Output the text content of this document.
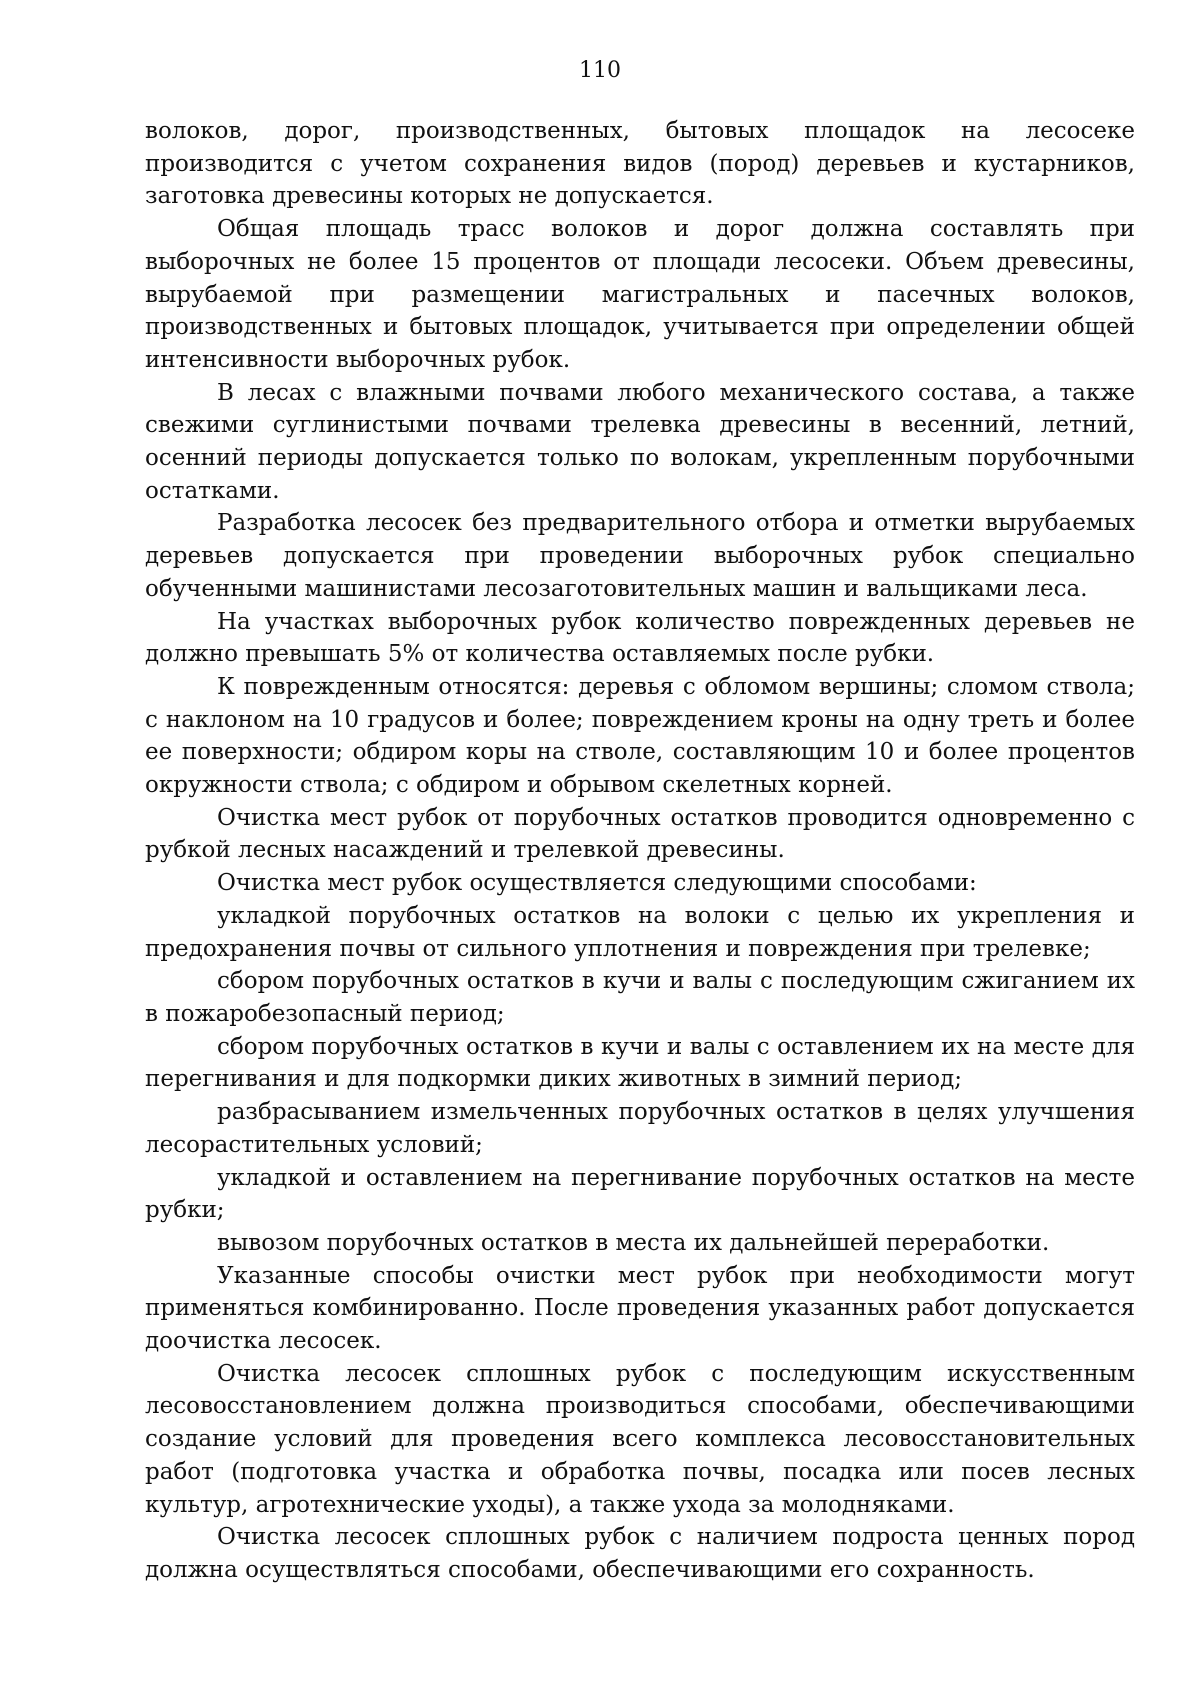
110

волоков, дорог, производственных, бытовых площадок на лесосеке производится с учетом сохранения видов (пород) деревьев и кустарников, заготовка древесины которых не допускается.

Общая площадь трасс волоков и дорог должна составлять при выборочных не более 15 процентов от площади лесосеки. Объем древесины, вырубаемой при размещении магистральных и пасечных волоков, производственных и бытовых площадок, учитывается при определении общей интенсивности выборочных рубок.

В лесах с влажными почвами любого механического состава, а также свежими суглинистыми почвами трелевка древесины в весенний, летний, осенний периоды допускается только по волокам, укрепленным порубочными остатками.

Разработка лесосек без предварительного отбора и отметки вырубаемых деревьев допускается при проведении выборочных рубок специально обученными машинистами лесозаготовительных машин и вальщиками леса.

На участках выборочных рубок количество поврежденных деревьев не должно превышать 5% от количества оставляемых после рубки.

К поврежденным относятся: деревья с обломом вершины; сломом ствола; с наклоном на 10 градусов и более; повреждением кроны на одну треть и более ее поверхности; обдиром коры на стволе, составляющим 10 и более процентов окружности ствола; с обдиром и обрывом скелетных корней.

Очистка мест рубок от порубочных остатков проводится одновременно с рубкой лесных насаждений и трелевкой древесины.

Очистка мест рубок осуществляется следующими способами:

укладкой порубочных остатков на волоки с целью их укрепления и предохранения почвы от сильного уплотнения и повреждения при трелевке;

сбором порубочных остатков в кучи и валы с последующим сжиганием их в пожаробезопасный период;

сбором порубочных остатков в кучи и валы с оставлением их на месте для перегнивания и для подкормки диких животных в зимний период;

разбрасыванием измельченных порубочных остатков в целях улучшения лесорастительных условий;

укладкой и оставлением на перегнивание порубочных остатков на месте рубки;

вывозом порубочных остатков в места их дальнейшей переработки.

Указанные способы очистки мест рубок при необходимости могут применяться комбинированно. После проведения указанных работ допускается доочистка лесосек.

Очистка лесосек сплошных рубок с последующим искусственным лесовосстановлением должна производиться способами, обеспечивающими создание условий для проведения всего комплекса лесовосстановительных работ (подготовка участка и обработка почвы, посадка или посев лесных культур, агротехнические уходы), а также ухода за молодняками.

Очистка лесосек сплошных рубок с наличием подроста ценных пород должна осуществляться способами, обеспечивающими его сохранность.
